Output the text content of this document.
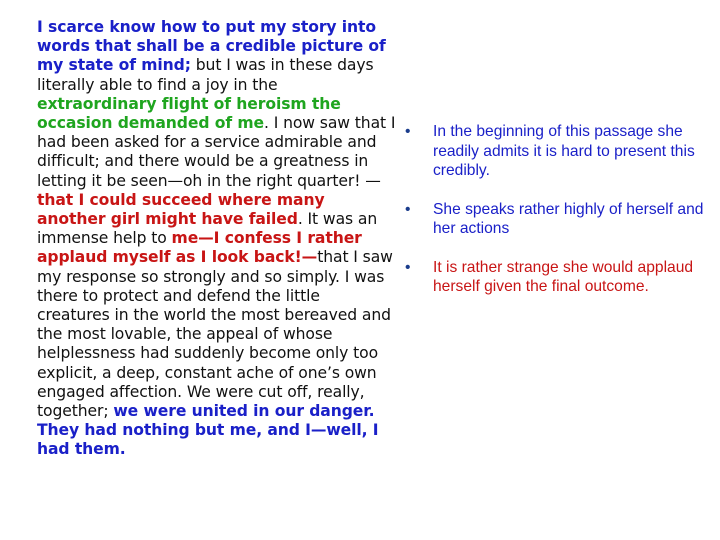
I scarce know how to put my story into words that shall be a credible picture of my state of mind; but I was in these days literally able to find a joy in the extraordinary flight of heroism the occasion demanded of me. I now saw that I had been asked for a service admirable and difficult; and there would be a greatness in letting it be seen—oh in the right quarter! —that I could succeed where many another girl might have failed. It was an immense help to me—I confess I rather applaud myself as I look back!—that I saw my response so strongly and so simply. I was there to protect and defend the little creatures in the world the most bereaved and the most lovable, the appeal of whose helplessness had suddenly become only too explicit, a deep, constant ache of one’s own engaged affection. We were cut off, really, together; we were united in our danger. They had nothing but me, and I—well, I had them.
• In the beginning of this passage she readily admits it is hard to present this credibly.
• She speaks rather highly of herself and her actions
• It is rather strange she would applaud herself given the final outcome.
